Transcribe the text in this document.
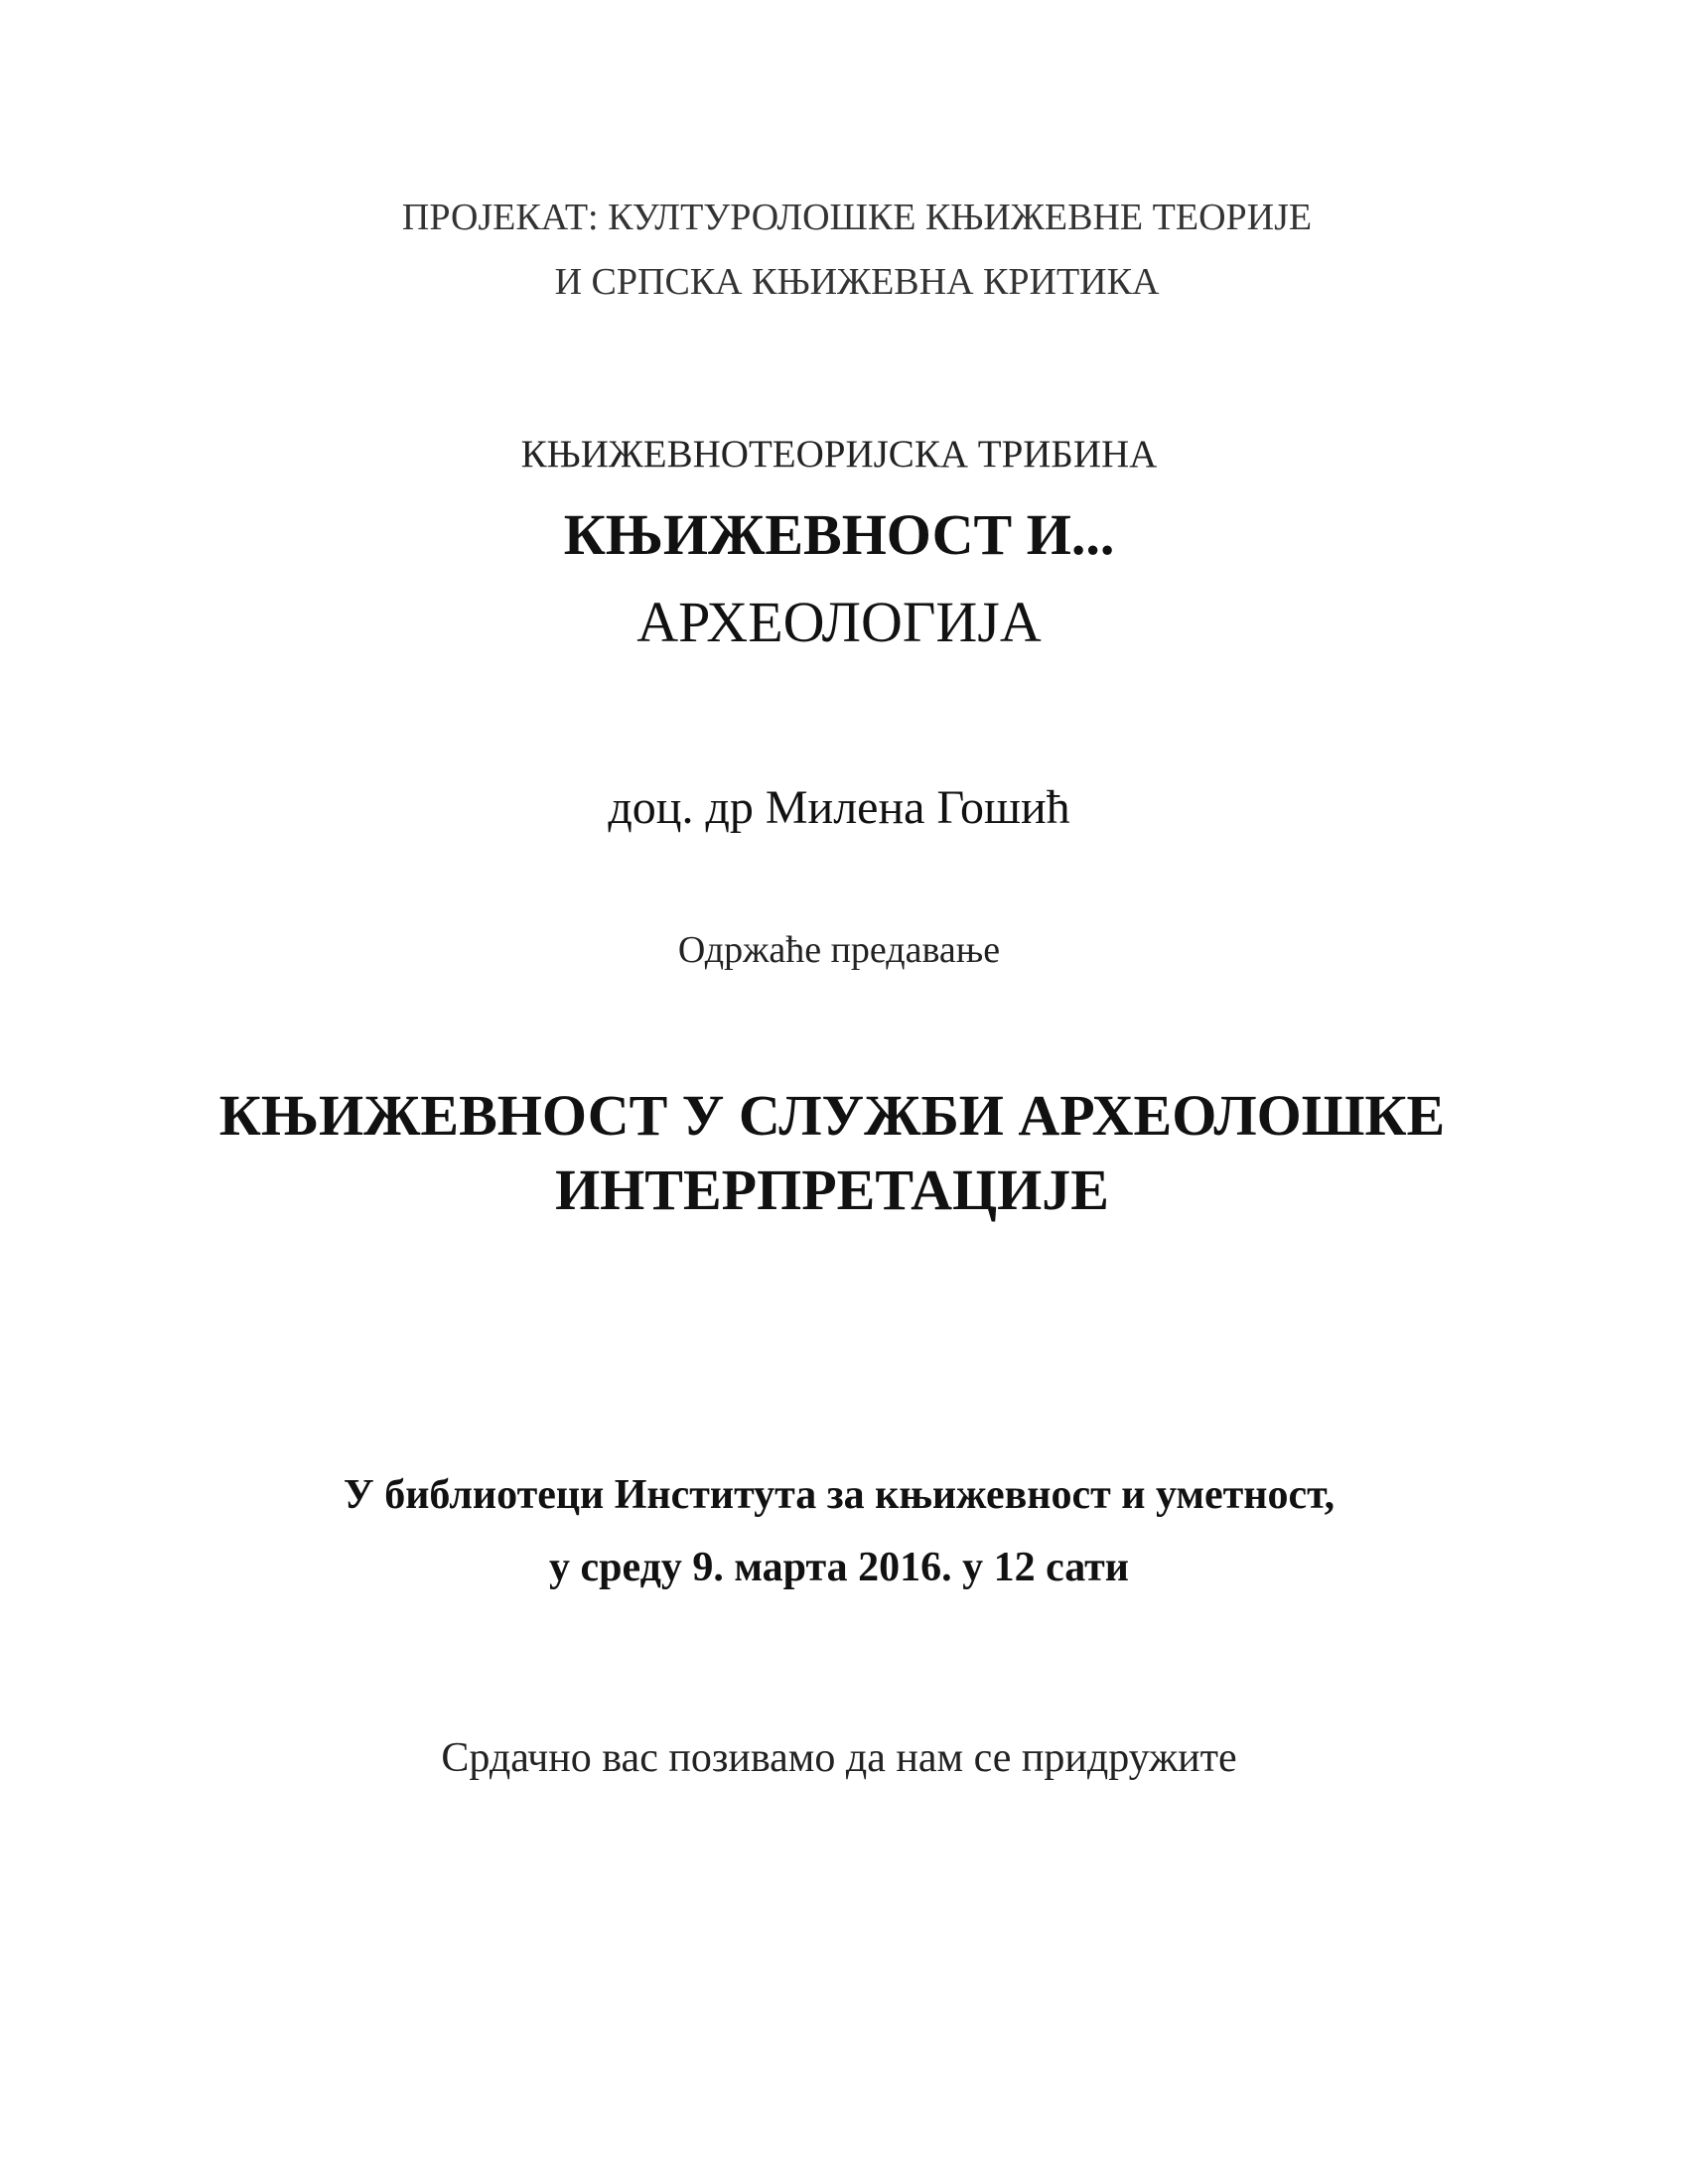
ПРОЈЕКАТ: КУЛТУРОЛОШКЕ КЊИЖЕВНЕ ТЕОРИЈЕ
И СРПСКА КЊИЖЕВНА КРИТИКА
КЊИЖЕВНОТЕОРИЈСКА ТРИБИНА
КЊИЖЕВНОСТ И...
АРХЕОЛОГИЈА
доц. др Милена Гошић
Одржаће предавање
КЊИЖЕВНОСТ У СЛУЖБИ АРХЕОЛОШКЕ
ИНТЕРПРЕТАЦИЈЕ
У библиотеци Института за књижевност и уметност,
у среду 9. марта 2016. у 12 сати
Срдачно вас позивамо да нам се придружите
